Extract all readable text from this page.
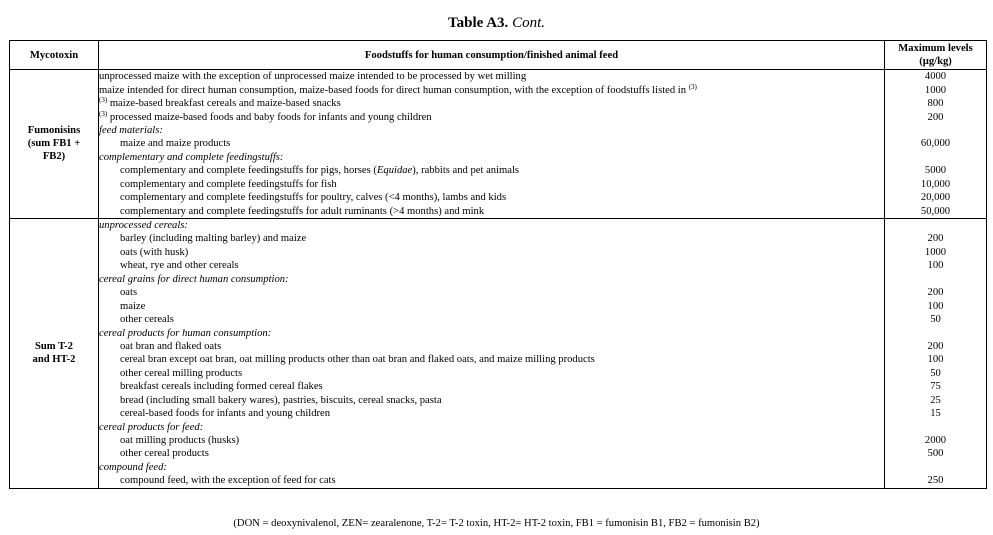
Table A3. Cont.
Mycotoxin	Foodstuffs for human consumption/finished animal feed	Maximum levels
(µg/kg)
Fumonisins
(sum FB1 +
FB2)	unprocessed maize with the exception of unprocessed maize intended to be processed by wet milling	4000
	maize intended for direct human consumption, maize-based foods for direct human consumption, with the exception of foodstuffs listed in $^{(3)}$	1000
	$^{(3)}$ maize-based breakfast cereals and maize-based snacks	800
	$^{(3)}$ processed maize-based foods and baby foods for infants and young children	200
	feed materials:	
	maize and maize products	60,000
	complementary and complete feedingstuffs:	
	complementary and complete feedingstuffs for pigs, horses (Equidae), rabbits and pet animals	5000
	complementary and complete feedingstuffs for fish	10,000
	complementary and complete feedingstuffs for poultry, calves (<4 months), lambs and kids	20,000
	complementary and complete feedingstuffs for adult ruminants (>4 months) and mink	50,000
Sum T-2
and HT-2	unprocessed cereals:	
	barley (including malting barley) and maize	200
	oats (with husk)	1000
	wheat, rye and other cereals	100
	cereal grains for direct human consumption:	
	oats	200
	maize	100
	other cereals	50
	cereal products for human consumption:	
	oat bran and flaked oats	200
	cereal bran except oat bran, oat milling products other than oat bran and flaked oats, and maize milling products	100
	other cereal milling products	50
	breakfast cereals including formed cereal flakes	75
	bread (including small bakery wares), pastries, biscuits, cereal snacks, pasta	25
	cereal-based foods for infants and young children	15
	cereal products for feed:	
	oat milling products (husks)	2000
	other cereal products	500
	compound feed:	
	compound feed, with the exception of feed for cats	250
(DON = deoxynivalenol, ZEN= zearalenone, T-2= T-2 toxin, HT-2= HT-2 toxin, FB1 = fumonisin B1, FB2 = fumonisin B2)
